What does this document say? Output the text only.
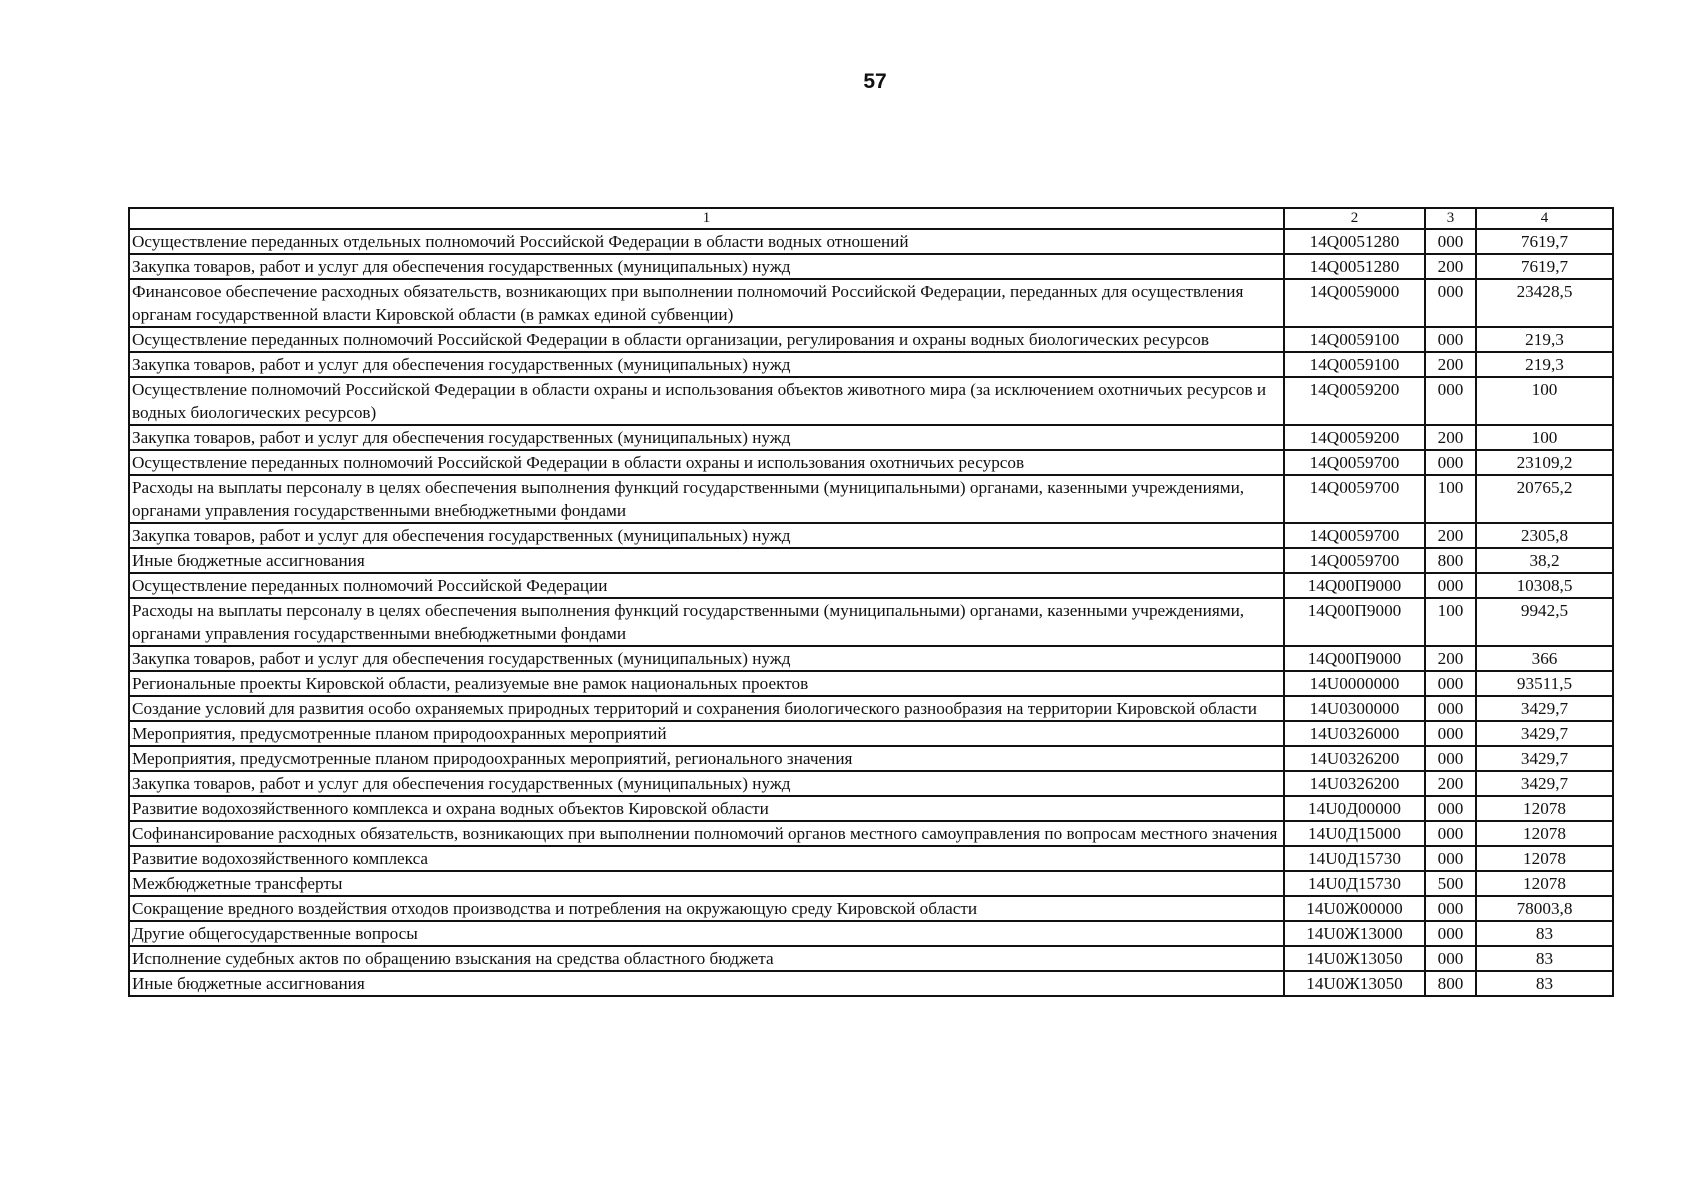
57
1	2	3	4
Осуществление переданных отдельных полномочий Российской Федерации в области водных отношений	14Q0051280	000	7619,7
Закупка товаров, работ и услуг для обеспечения государственных (муниципальных) нужд	14Q0051280	200	7619,7
Финансовое обеспечение расходных обязательств, возникающих при выполнении полномочий Российской Федерации, переданных для осуществления органам государственной власти Кировской области (в рамках единой субвенции)	14Q0059000	000	23428,5
Осуществление переданных полномочий Российской Федерации в области организации, регулирования и охраны водных биологических ресурсов	14Q0059100	000	219,3
Закупка товаров, работ и услуг для обеспечения государственных (муниципальных) нужд	14Q0059100	200	219,3
Осуществление полномочий Российской Федерации в области охраны и использования объектов животного мира (за исключением охотничьих ресурсов и водных биологических ресурсов)	14Q0059200	000	100
Закупка товаров, работ и услуг для обеспечения государственных (муниципальных) нужд	14Q0059200	200	100
Осуществление переданных полномочий Российской Федерации в области охраны и использования охотничьих ресурсов	14Q0059700	000	23109,2
Расходы на выплаты персоналу в целях обеспечения выполнения функций государственными (муниципальными) органами, казенными учреждениями, органами управления государственными внебюджетными фондами	14Q0059700	100	20765,2
Закупка товаров, работ и услуг для обеспечения государственных (муниципальных) нужд	14Q0059700	200	2305,8
Иные бюджетные ассигнования	14Q0059700	800	38,2
Осуществление переданных полномочий Российской Федерации	14Q00П9000	000	10308,5
Расходы на выплаты персоналу в целях обеспечения выполнения функций государственными (муниципальными) органами, казенными учреждениями, органами управления государственными внебюджетными фондами	14Q00П9000	100	9942,5
Закупка товаров, работ и услуг для обеспечения государственных (муниципальных) нужд	14Q00П9000	200	366
Региональные проекты Кировской области, реализуемые вне рамок национальных проектов	14U0000000	000	93511,5
Создание условий для развития особо охраняемых природных территорий и сохранения биологического разнообразия на территории Кировской области	14U0300000	000	3429,7
Мероприятия, предусмотренные планом природоохранных мероприятий	14U0326000	000	3429,7
Мероприятия, предусмотренные планом природоохранных мероприятий, регионального значения	14U0326200	000	3429,7
Закупка товаров, работ и услуг для обеспечения государственных (муниципальных) нужд	14U0326200	200	3429,7
Развитие водохозяйственного комплекса и охрана водных объектов Кировской области	14U0Д00000	000	12078
Софинансирование расходных обязательств, возникающих при выполнении полномочий органов местного самоуправления по вопросам местного значения	14U0Д15000	000	12078
Развитие водохозяйственного комплекса	14U0Д15730	000	12078
Межбюджетные трансферты	14U0Д15730	500	12078
Сокращение вредного воздействия отходов производства и потребления на окружающую среду Кировской области	14U0Ж00000	000	78003,8
Другие общегосударственные вопросы	14U0Ж13000	000	83
Исполнение судебных актов по обращению взыскания на средства областного бюджета	14U0Ж13050	000	83
Иные бюджетные ассигнования	14U0Ж13050	800	83
